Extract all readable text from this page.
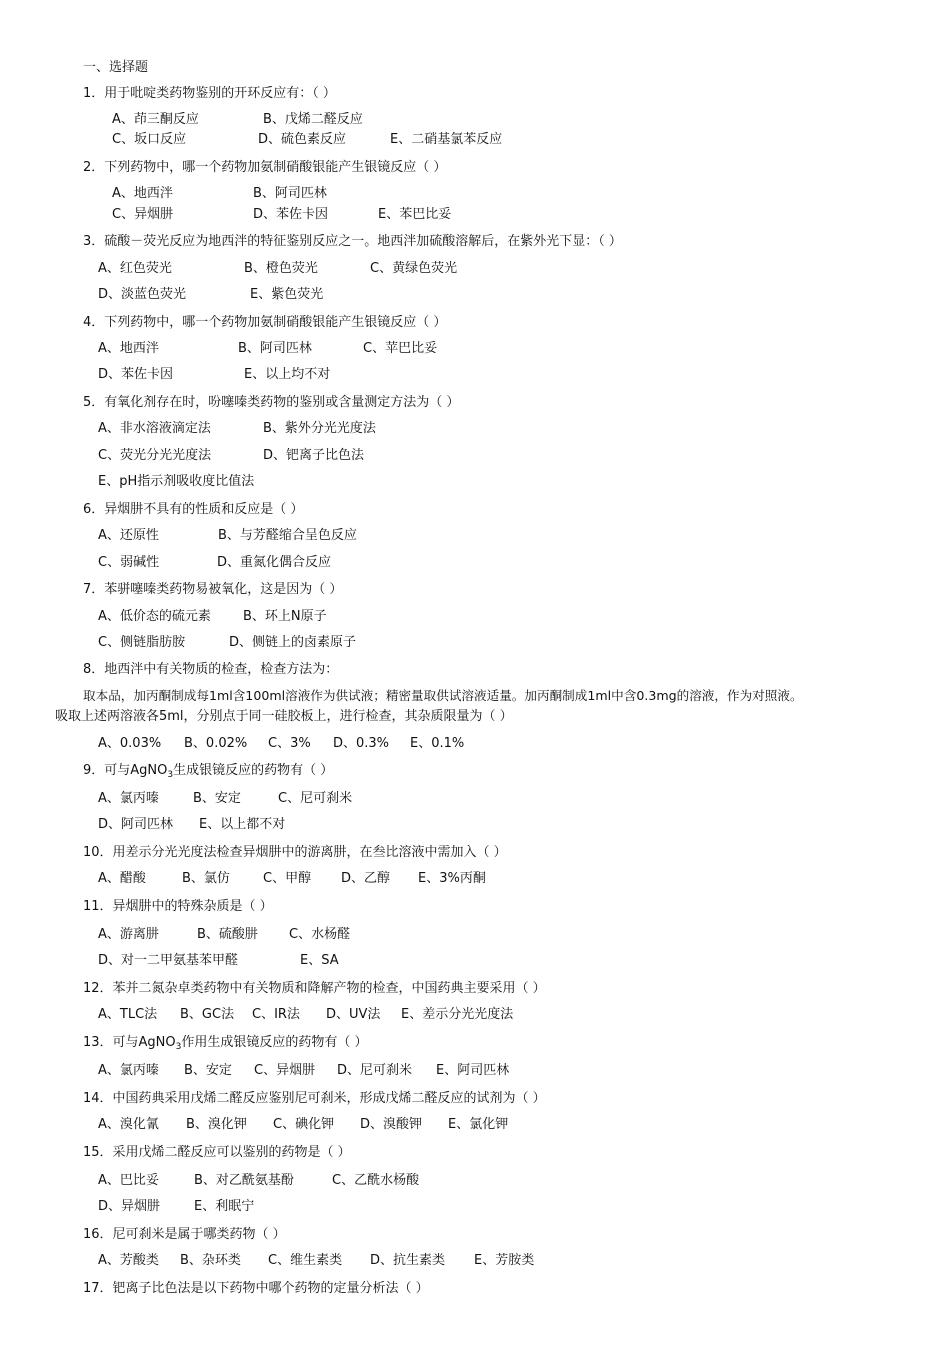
一、选择题
1．用于吡啶类药物鉴别的开环反应有：（ ）
A、茚三酮反应	B、戊烯二醛反应
C、坂口反应	D、硫色素反应	E、二硝基氯苯反应
2．下列药物中，哪一个药物加氨制硝酸银能产生银镜反应（ ）
A、地西泮	B、阿司匹林
C、异烟肼	D、苯佐卡因	E、苯巴比妥
3．硫酸－荧光反应为地西泮的特征鉴别反应之一。地西泮加硫酸溶解后，在紫外光下显：（ ）
A、红色荧光	B、橙色荧光	C、黄绿色荧光
D、淡蓝色荧光	E、紫色荧光
4．下列药物中，哪一个药物加氨制硝酸银能产生银镜反应（ ）
A、地西泮	B、阿司匹林	C、苹巴比妥
D、苯佐卡因	E、以上均不对
5．有氧化剂存在时，吩噻嗪类药物的鉴别或含量测定方法为（ ）
A、非水溶液滴定法	B、紫外分光光度法
C、荧光分光光度法	D、钯离子比色法
E、pH指示剂吸收度比值法
6．异烟肼不具有的性质和反应是（ ）
A、还原性	B、与芳醛缩合呈色反应
C、弱碱性	D、重氮化偶合反应
7．苯骈噻嗪类药物易被氧化，这是因为（ ）
A、低价态的硫元素 B、环上N原子
C、侧链脂肪胺	D、侧链上的卤素原子
8．地西泮中有关物质的检查，检查方法为：
取本品，加丙酮制成每1ml含100ml溶液作为供试液；精密量取供试溶液适量。加丙酮制成1ml中含0.3mg的溶液，作为对照液。
吸取上述两溶液各5ml，分别点于同一硅胶板上，进行检查，其杂质限量为（ ）
A、0.03% B、0.02% C、3% D、0.3% E、0.1%
9．可与AgNO$_3$生成银镜反应的药物有（ ）
A、氯丙嗪	B、安定	C、尼可刹米
D、阿司匹林 E、以上都不对
10．用差示分光光度法检查异烟肼中的游离肼，在叁比溶液中需加入（ ）
A、醋酸	B、氯仿	C、甲醇 D、乙醇 E、3%丙酮
11．异烟肼中的特殊杂质是（ ）
A、游离肼	B、硫酸肼 C、水杨醛
D、对一二甲氨基苯甲醛	E、SA
12．苯并二氮杂卓类药物中有关物质和降解产物的检查，中国药典主要采用（ ）
A、TLC法 B、GC法 C、IR法 D、UV法 E、差示分光光度法
13．可与AgNO$_3$作用生成银镜反应的药物有（ ）
A、氯丙嗪 B、安定 C、异烟肼 D、尼可刹米 E、阿司匹林
14．中国药典采用戊烯二醛反应鉴别尼可刹米，形成戊烯二醛反应的试剂为（ ）
A、溴化氰 B、溴化钾 C、碘化钾 D、溴酸钾 E、氯化钾
15．采用戊烯二醛反应可以鉴别的药物是（ ）
A、巴比妥	B、对乙酰氨基酚	C、乙酰水杨酸
D、异烟肼	E、利眠宁
16．尼可刹米是属于哪类药物（ ）
A、芳酸类 B、杂环类 C、维生素类 D、抗生素类 E、芳胺类
17．钯离子比色法是以下药物中哪个药物的定量分析法（ ）
